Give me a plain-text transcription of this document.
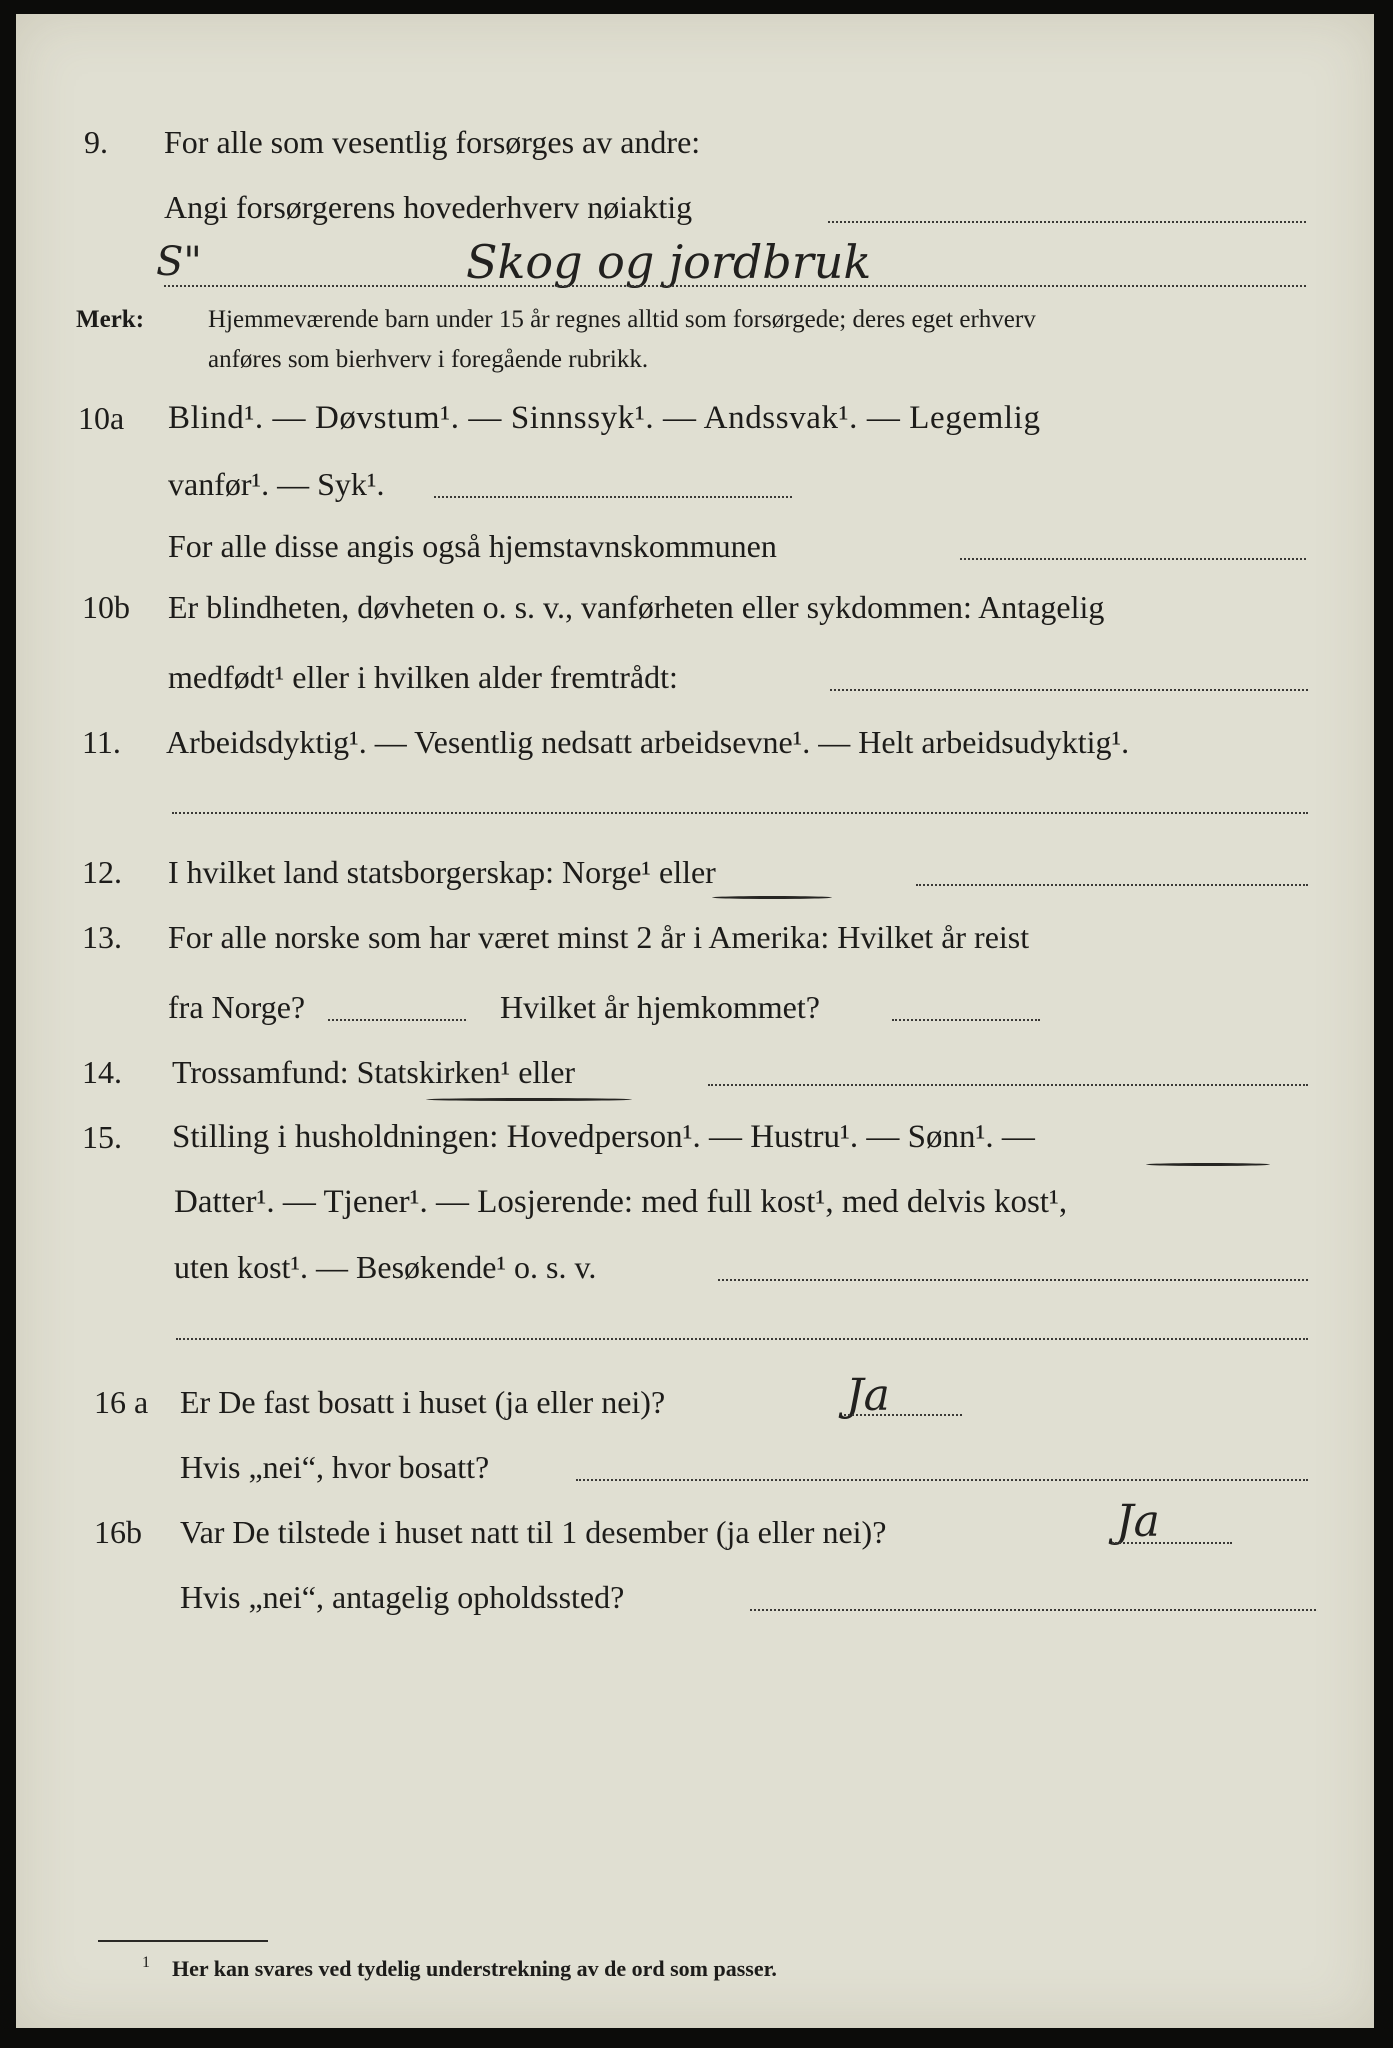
9. For alle som vesentlig forsørges av andre:
Angi forsørgerens hovederhverv nøiaktig
S"	Skog og jordbruk
Merk:	Hjemmeværende barn under 15 år regnes alltid som forsørgede; deres eget erhverv
anføres som bierhverv i foregående rubrikk.
10a Blind¹. — Døvstum¹. — Sinnssyk¹. — Andssvak¹. — Legemlig
vanfør¹. — Syk¹.
For alle disse angis også hjemstavnskommunen
10b Er blindheten, døvheten o. s. v., vanførheten eller sykdommen: Antagelig
medfødt¹ eller i hvilken alder fremtrådt:
11. Arbeidsdyktig¹. — Vesentlig nedsatt arbeidsevne¹. — Helt arbeidsudyktig¹.
12. I hvilket land statsborgerskap: Norge¹ eller
13. For alle norske som har været minst 2 år i Amerika: Hvilket år reist
fra Norge?	Hvilket år hjemkommet?
14. Trossamfund: Statskirken¹ eller
15. Stilling i husholdningen: Hovedperson¹. — Hustru¹. — Sønn¹. —
Datter¹. — Tjener¹. — Losjerende: med full kost¹, med delvis kost¹,
uten kost¹. — Besøkende¹ o. s. v.
16 a Er De fast bosatt i huset (ja eller nei)?	Ja
Hvis „nei“, hvor bosatt?
16b Var De tilstede i huset natt til 1 desember (ja eller nei)?	Ja
Hvis „nei“, antagelig opholdssted?
1 Her kan svares ved tydelig understrekning av de ord som passer.
